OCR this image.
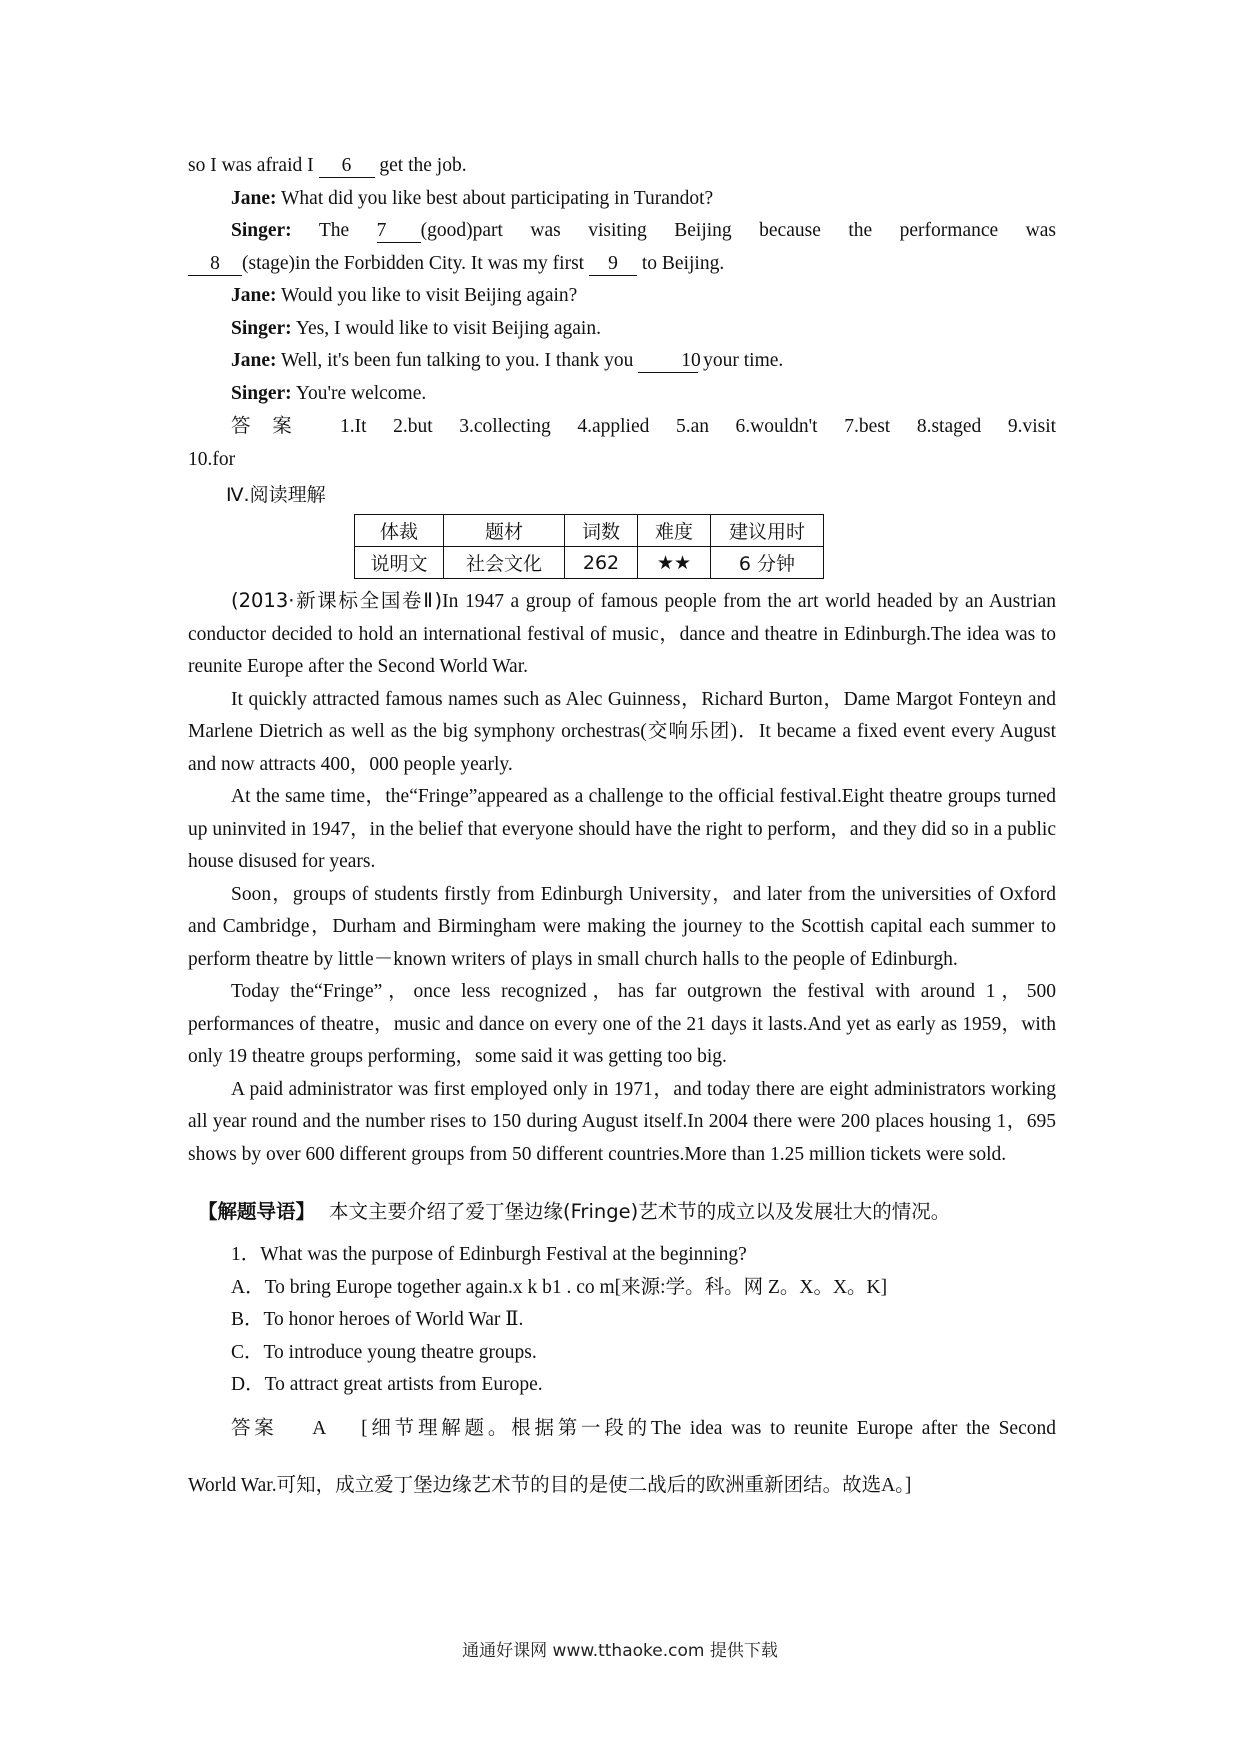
so I was afraid I 6 get the job.

Jane: What did you like best about participating in Turandot?

Singer: The 7 (good)part was visiting Beijing because the performance was

8 (stage)in the Forbidden City. It was my first 9 to Beijing.

Jane: Would you like to visit Beijing again?

Singer: Yes, I would like to visit Beijing again.

Jane: Well, it's been fun talking to you. I thank you 10 your time.

Singer: You're welcome.

答案 1.It 2.but 3.collecting 4.applied 5.an 6.wouldn't 7.best 8.staged 9.visit

10.for

Ⅳ.阅读理解
体裁	题材	词数	难度	建议用时
说明文	社会文化	262	★★	6 分钟

(2013·新课标全国卷Ⅱ)In 1947 a group of famous people from the art world headed by an Austrian conductor decided to hold an international festival of music，dance and theatre in Edinburgh.The idea was to reunite Europe after the Second World War.

It quickly attracted famous names such as Alec Guinness，Richard Burton，Dame Margot Fonteyn and Marlene Dietrich as well as the big symphony orchestras(交响乐团)．It became a fixed event every August and now attracts 400，000 people yearly.

At the same time，the“Fringe”appeared as a challenge to the official festival.Eight theatre groups turned up uninvited in 1947，in the belief that everyone should have the right to perform，and they did so in a public house disused for years.

Soon，groups of students firstly from Edinburgh University，and later from the universities of Oxford and Cambridge，Durham and Birmingham were making the journey to the Scottish capital each summer to perform theatre by little－known writers of plays in small church halls to the people of Edinburgh.

Today the“Fringe”，once less recognized，has far outgrown the festival with around 1，500 performances of theatre，music and dance on every one of the 21 days it lasts.And yet as early as 1959，with only 19 theatre groups performing，some said it was getting too big.

A paid administrator was first employed only in 1971，and today there are eight administrators working all year round and the number rises to 150 during August itself.In 2004 there were 200 places housing 1，695 shows by over 600 different groups from 50 different countries.More than 1.25 million tickets were sold.

【解题导语】 本文主要介绍了爱丁堡边缘(Fringe)艺术节的成立以及发展壮大的情况。

1．What was the purpose of Edinburgh Festival at the beginning?

A．To bring Europe together again.x k b1 . co m[来源:学。科。网 Z。X。X。K]

B．To honor heroes of World War Ⅱ.

C．To introduce young theatre groups.

D．To attract great artists from Europe.

答案 A [细节理解题。根据第一段的The idea was to reunite Europe after the Second

World War.可知，成立爱丁堡边缘艺术节的目的是使二战后的欧洲重新团结。故选A。]

通通好课网 www.tthaoke.com 提供下载
